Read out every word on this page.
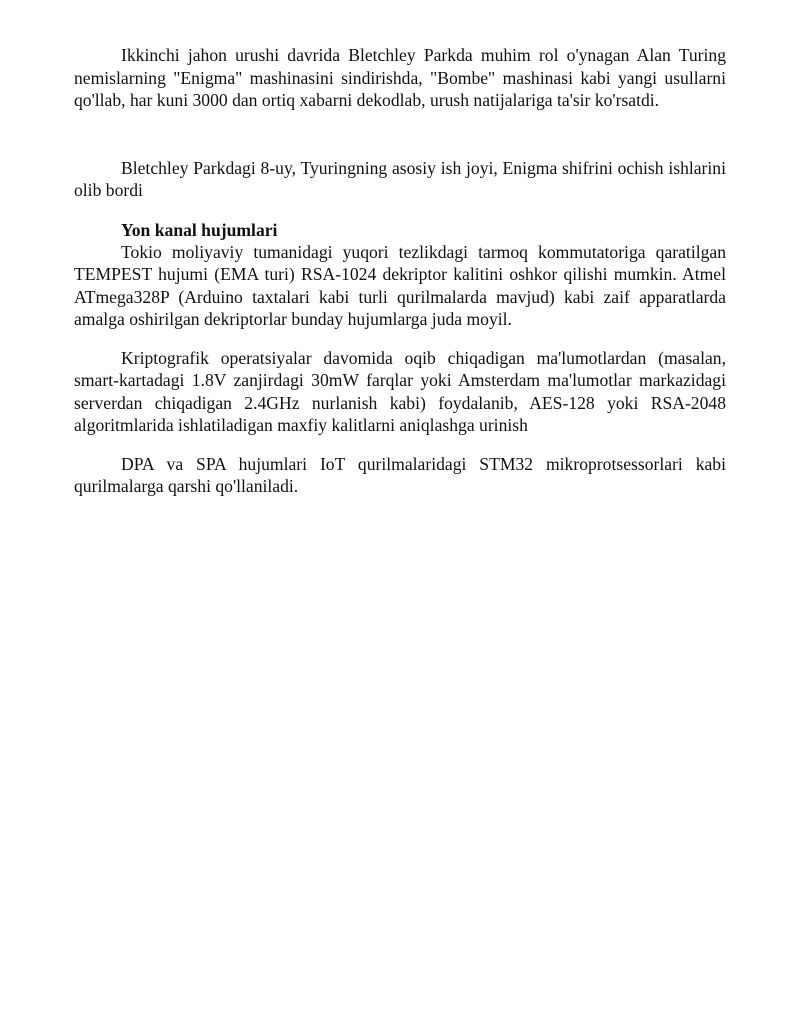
Ikkinchi jahon urushi davrida Bletchley Parkda muhim rol o'ynagan Alan Turing nemislarning "Enigma" mashinasini sindirishda, "Bombe" mashinasi kabi yangi usullarni qo'llab, har kuni 3000 dan ortiq xabarni dekodlab, urush natijalariga ta'sir ko'rsatdi.

Bletchley Parkdagi 8-uy, Tyuringning asosiy ish joyi, Enigma shifrini ochish ishlarini olib bordi

Yon kanal hujumlari

Tokio moliyaviy tumanidagi yuqori tezlikdagi tarmoq kommutatoriga qaratilgan TEMPEST hujumi (EMA turi) RSA-1024 dekriptor kalitini oshkor qilishi mumkin. Atmel ATmega328P (Arduino taxtalari kabi turli qurilmalarda mavjud) kabi zaif apparatlarda amalga oshirilgan dekriptorlar bunday hujumlarga juda moyil.

Kriptografik operatsiyalar davomida oqib chiqadigan ma'lumotlardan (masalan, smart-kartadagi 1.8V zanjirdagi 30mW farqlar yoki Amsterdam ma'lumotlar markazidagi serverdan chiqadigan 2.4GHz nurlanish kabi) foydalanib, AES-128 yoki RSA-2048 algoritmlarida ishlatiladigan maxfiy kalitlarni aniqlashga urinish

DPA va SPA hujumlari IoT qurilmalaridagi STM32 mikroprotsessorlari kabi qurilmalarga qarshi qo'llaniladi.
